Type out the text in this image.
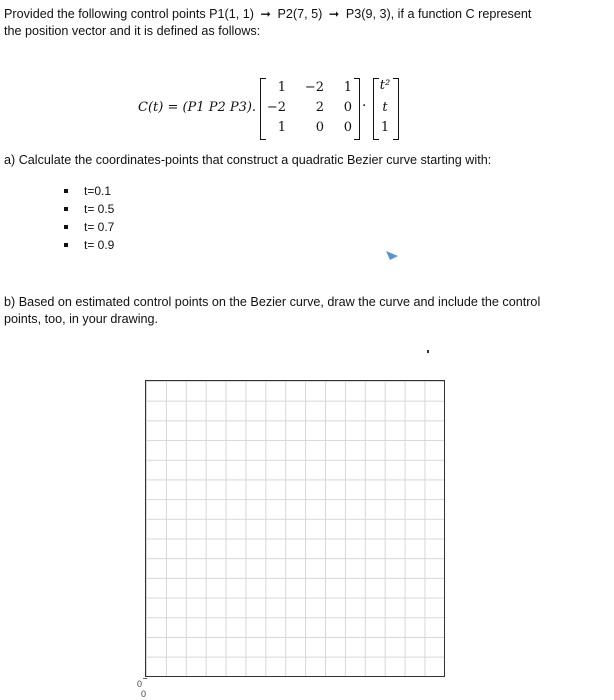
Provided the following control points P1(1, 1) ➞ P2(7, 5) ➞ P3(9, 3), if a function C represent
the position vector and it is defined as follows:
C(t) = (P1 P2 P3).
1	−2	1
−2	2	0
1	0	0
·
t²
t
1
a) Calculate the coordinates-points that construct a quadratic Bezier curve starting with:
t=0.1
t= 0.5
t= 0.7
t= 0.9
b) Based on estimated control points on the Bezier curve, draw the curve and include the control
points, too, in your drawing.
0
0
